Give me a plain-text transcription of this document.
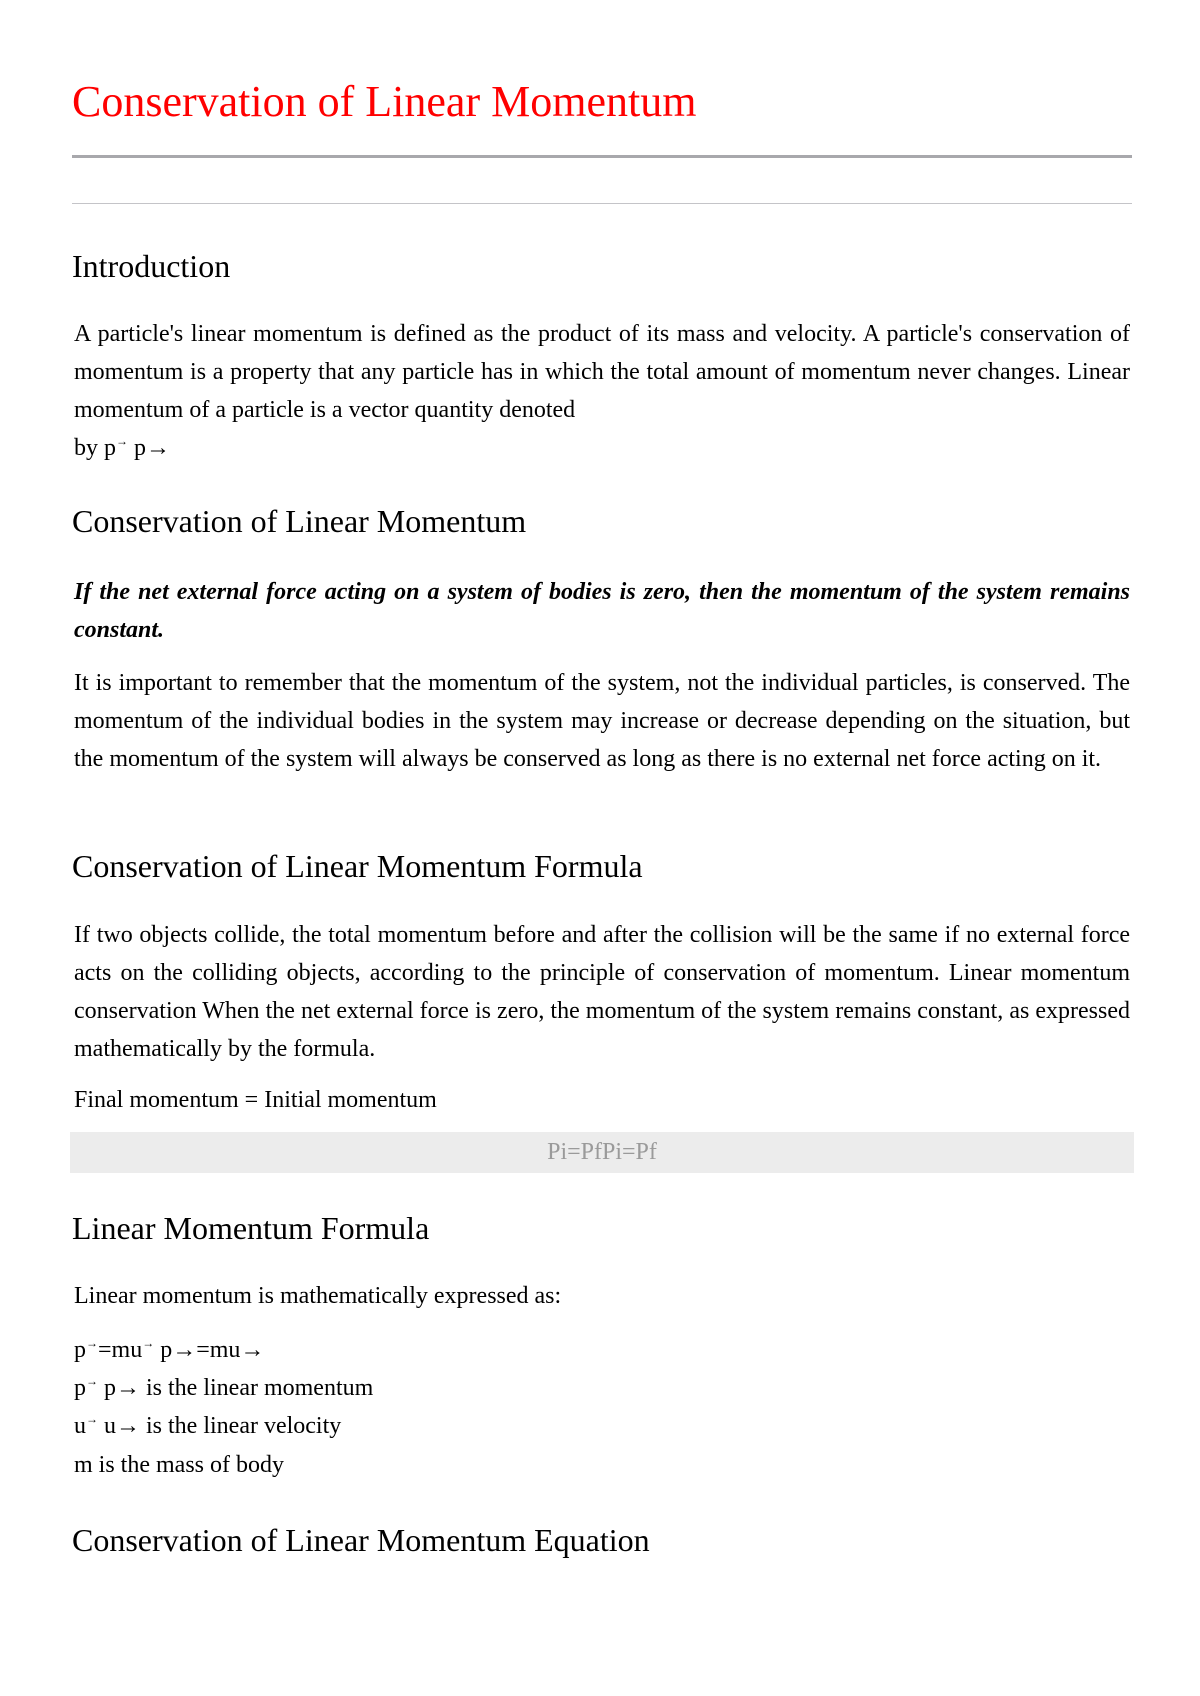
Conservation of Linear Momentum
Introduction

A particle's linear momentum is defined as the product of its mass and velocity. A particle's conservation of momentum is a property that any particle has in which the total amount of momentum never changes. Linear momentum of a particle is a vector quantity denoted

by p→ p→

Conservation of Linear Momentum

If the net external force acting on a system of bodies is zero, then the momentum of the system remains constant.

It is important to remember that the momentum of the system, not the individual particles, is conserved. The momentum of the individual bodies in the system may increase or decrease depending on the situation, but the momentum of the system will always be conserved as long as there is no external net force acting on it.

Conservation of Linear Momentum Formula

If two objects collide, the total momentum before and after the collision will be the same if no external force acts on the colliding objects, according to the principle of conservation of momentum. Linear momentum conservation When the net external force is zero, the momentum of the system remains constant, as expressed mathematically by the formula.

Final momentum = Initial momentum

Pi=PfPi=Pf
Linear Momentum Formula

Linear momentum is mathematically expressed as:

p→=mu→ p→=mu→

p→ p→ is the linear momentum

u→ u→ is the linear velocity

m is the mass of body

Conservation of Linear Momentum Equation
